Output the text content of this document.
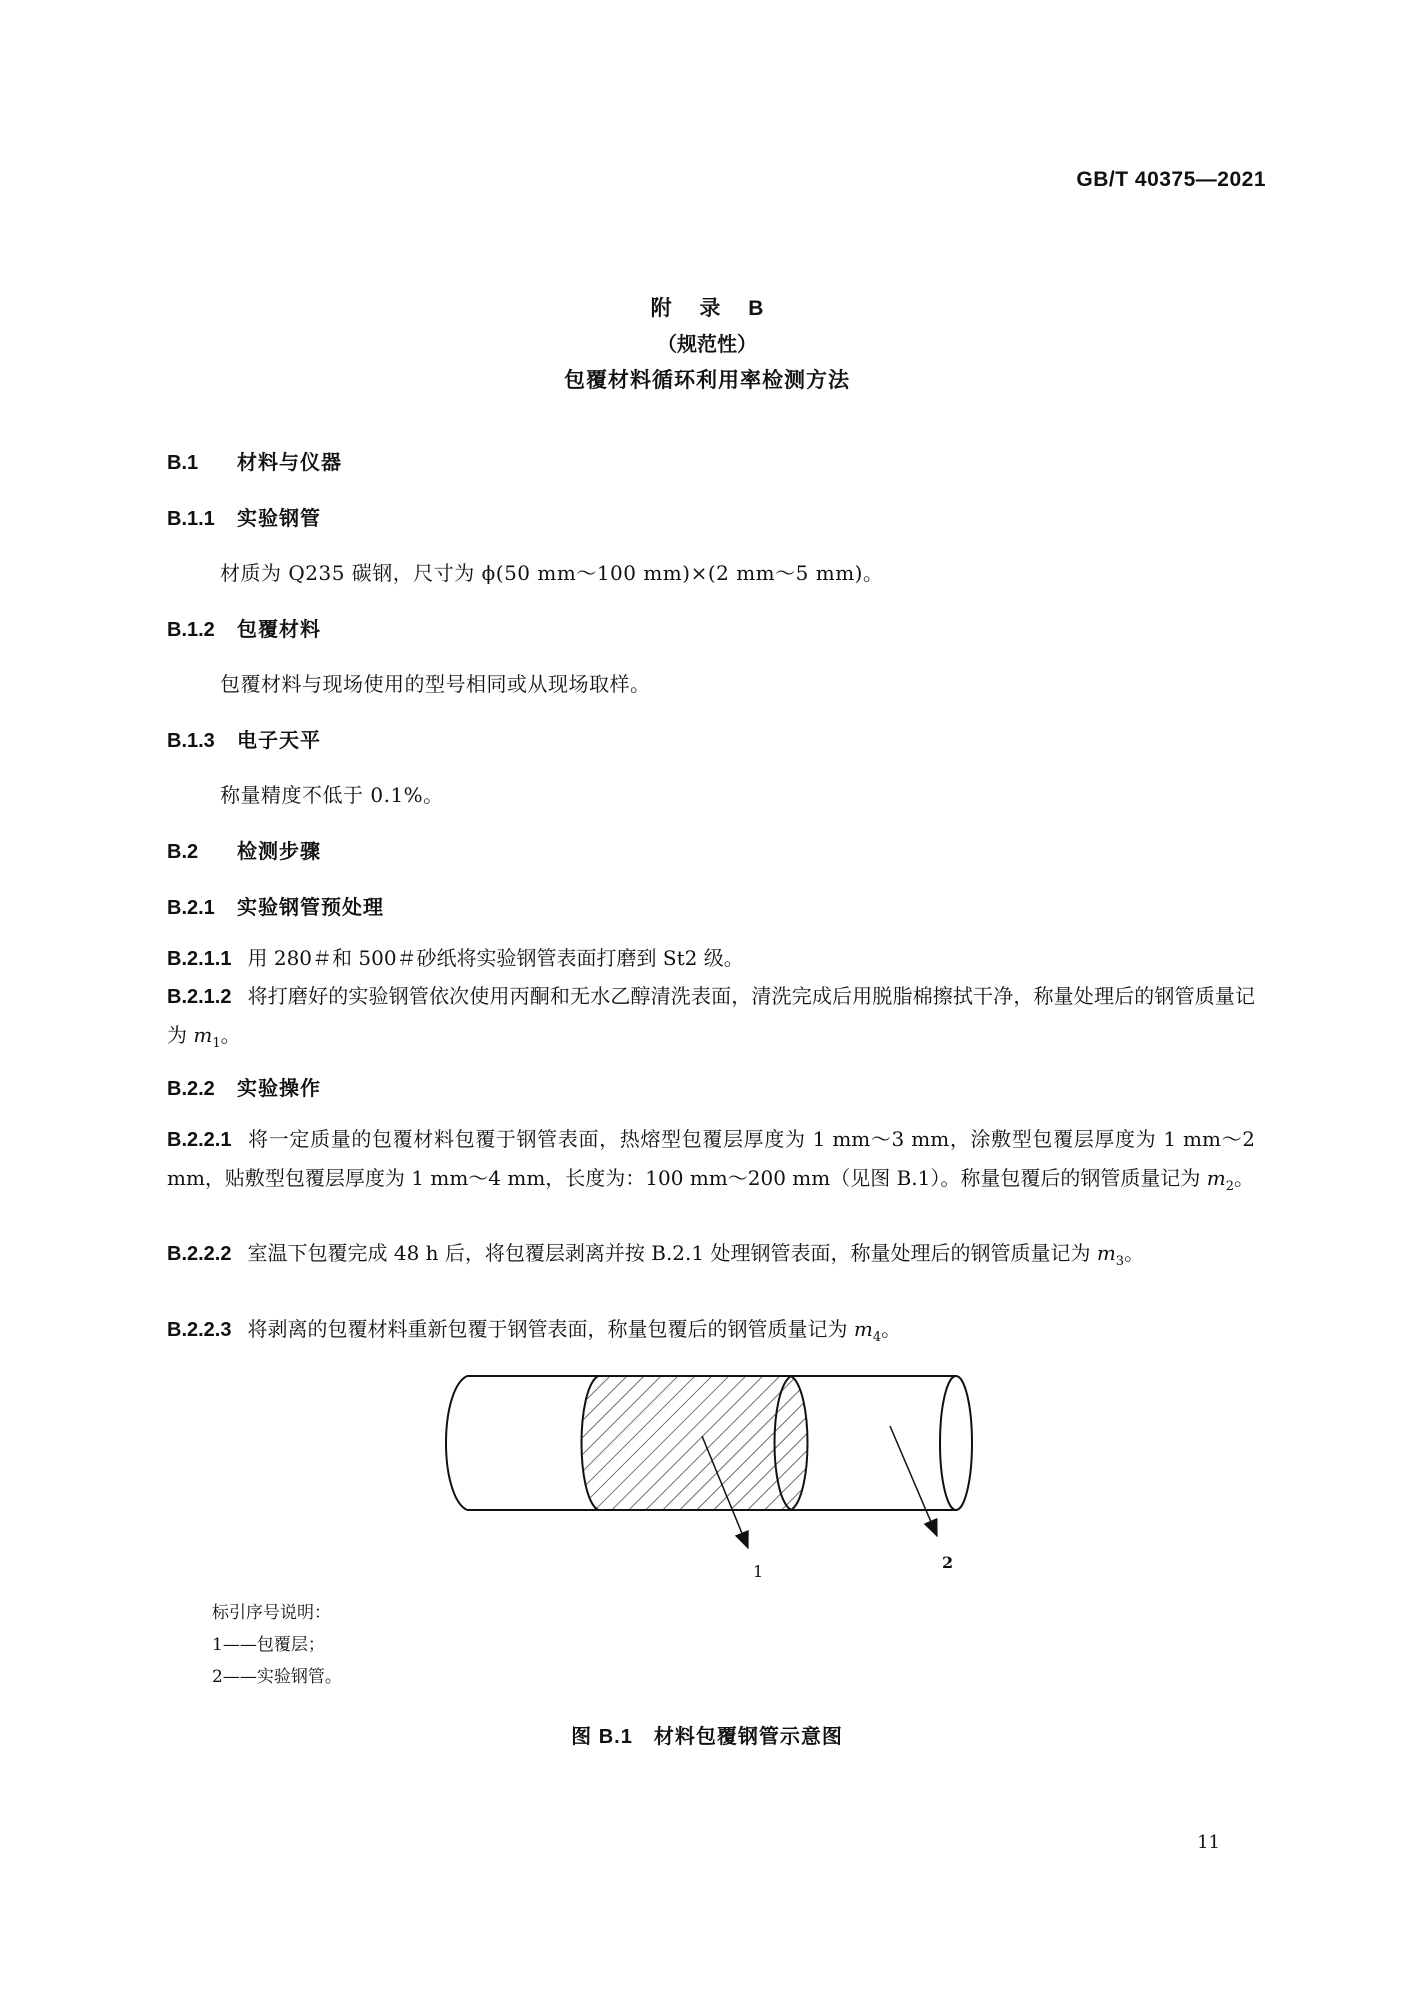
GB/T 40375—2021
附 录 B
（规范性）
包覆材料循环利用率检测方法
B.1 材料与仪器
B.1.1 实验钢管
材质为 Q235 碳钢，尺寸为 ϕ(50 mm～100 mm)×(2 mm～5 mm)。
B.1.2 包覆材料
包覆材料与现场使用的型号相同或从现场取样。
B.1.3 电子天平
称量精度不低于 0.1%。
B.2 检测步骤
B.2.1 实验钢管预处理
B.2.1.1 用 280＃和 500＃砂纸将实验钢管表面打磨到 St2 级。
B.2.1.2 将打磨好的实验钢管依次使用丙酮和无水乙醇清洗表面，清洗完成后用脱脂棉擦拭干净，称量处理后的钢管质量记为 $m_1$。
B.2.2 实验操作
B.2.2.1 将一定质量的包覆材料包覆于钢管表面，热熔型包覆层厚度为 1 mm～3 mm，涂敷型包覆层厚度为 1 mm～2 mm，贴敷型包覆层厚度为 1 mm～4 mm，长度为：100 mm～200 mm（见图 B.1）。称量包覆后的钢管质量记为 $m_2$。
B.2.2.2 室温下包覆完成 48 h 后，将包覆层剥离并按 B.2.1 处理钢管表面，称量处理后的钢管质量记为 $m_3$。
B.2.2.3 将剥离的包覆材料重新包覆于钢管表面，称量包覆后的钢管质量记为 $m_4$。
1	2
标引序号说明：
1——包覆层；
2——实验钢管。
图 B.1　材料包覆钢管示意图
11
